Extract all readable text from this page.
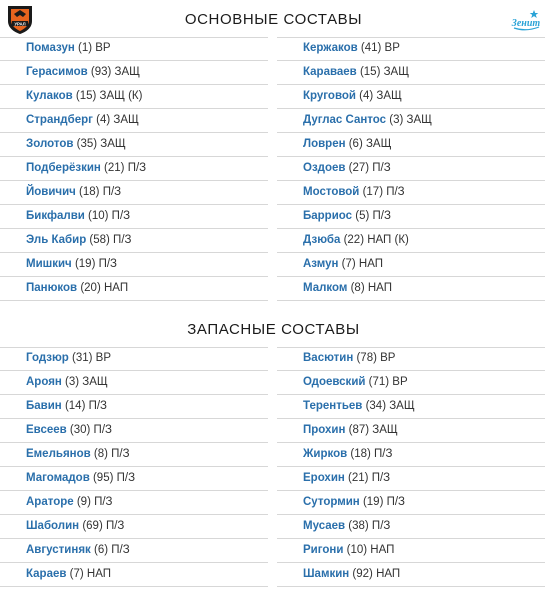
УРАЛ	Зенит
ОСНОВНЫЕ СОСТАВЫ
Помазун (1) ВР
Герасимов (93) ЗАЩ
Кулаков (15) ЗАЩ (К)
Страндберг (4) ЗАЩ
Золотов (35) ЗАЩ
Подберёзкин (21) П/З
Йовичич (18) П/З
Бикфалви (10) П/З
Эль Кабир (58) П/З
Мишкич (19) П/З
Панюков (20) НАП
Кержаков (41) ВР
Караваев (15) ЗАЩ
Круговой (4) ЗАЩ
Дуглас Сантос (3) ЗАЩ
Ловрен (6) ЗАЩ
Оздоев (27) П/З
Мостовой (17) П/З
Барриос (5) П/З
Дзюба (22) НАП (К)
Азмун (7) НАП
Малком (8) НАП
ЗАПАСНЫЕ СОСТАВЫ
Годзюр (31) ВР
Ароян (3) ЗАЩ
Бавин (14) П/З
Евсеев (30) П/З
Емельянов (8) П/З
Магомадов (95) П/З
Араторе (9) П/З
Шаболин (69) П/З
Августиняк (6) П/З
Караев (7) НАП
Васютин (78) ВР
Одоевский (71) ВР
Терентьев (34) ЗАЩ
Прохин (87) ЗАЩ
Жирков (18) П/З
Ерохин (21) П/З
Сутормин (19) П/З
Мусаев (38) П/З
Ригони (10) НАП
Шамкин (92) НАП
